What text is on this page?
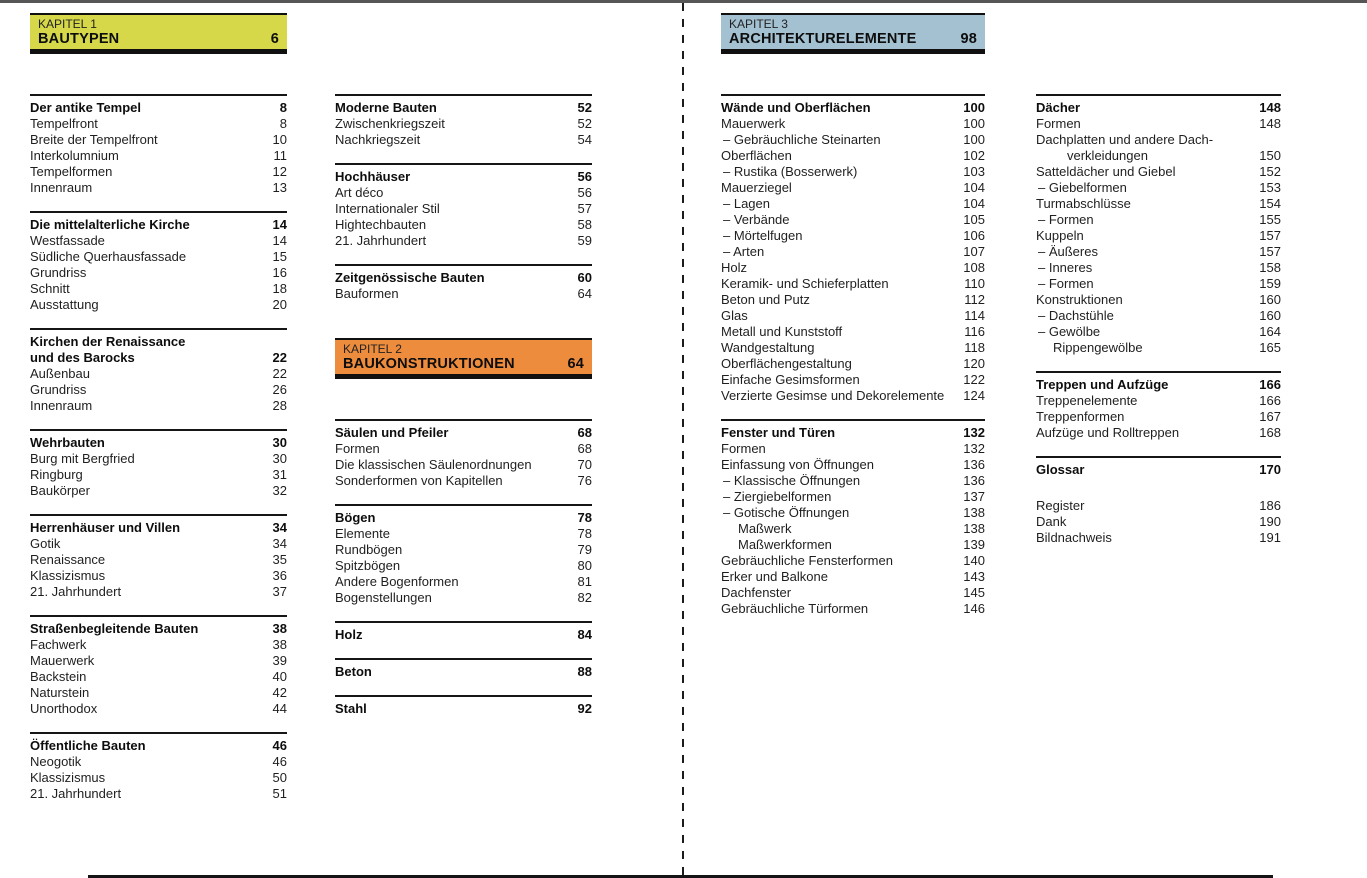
KAPITEL 1
BAUTYPEN	6
Der antike Tempel	8
Tempelfront	8
Breite der Tempelfront	10
Interkolumnium	11
Tempelformen	12
Innenraum	13
Die mittelalterliche Kirche	14
Westfassade	14
Südliche Querhausfassade	15
Grundriss	16
Schnitt	18
Ausstattung	20
Kirchen der Renaissance
und des Barocks	22
Außenbau	22
Grundriss	26
Innenraum	28
Wehrbauten	30
Burg mit Bergfried	30
Ringburg	31
Baukörper	32
Herrenhäuser und Villen	34
Gotik	34
Renaissance	35
Klassizismus	36
21. Jahrhundert	37
Straßenbegleitende Bauten	38
Fachwerk	38
Mauerwerk	39
Backstein	40
Naturstein	42
Unorthodox	44
Öffentliche Bauten	46
Neogotik	46
Klassizismus	50
21. Jahrhundert	51
Moderne Bauten	52
Zwischenkriegszeit	52
Nachkriegszeit	54
Hochhäuser	56
Art déco	56
Internationaler Stil	57
Hightechbauten	58
21. Jahrhundert	59
Zeitgenössische Bauten	60
Bauformen	64
KAPITEL 2
BAUKONSTRUKTIONEN	64
Säulen und Pfeiler	68
Formen	68
Die klassischen Säulenordnungen	70
Sonderformen von Kapitellen	76
Bögen	78
Elemente	78
Rundbögen	79
Spitzbögen	80
Andere Bogenformen	81
Bogenstellungen	82
Holz	84
Beton	88
Stahl	92
KAPITEL 3
ARCHITEKTURELEMENTE	98
Wände und Oberflächen	100
Mauerwerk	100
– Gebräuchliche Steinarten	100
Oberflächen	102
– Rustika (Bosserwerk)	103
Mauerziegel	104
– Lagen	104
– Verbände	105
– Mörtelfugen	106
– Arten	107
Holz	108
Keramik- und Schieferplatten	110
Beton und Putz	112
Glas	114
Metall und Kunststoff	116
Wandgestaltung	118
Oberflächengestaltung	120
Einfache Gesimsformen	122
Verzierte Gesimse und Dekorelemente	124
Fenster und Türen	132
Formen	132
Einfassung von Öffnungen	136
– Klassische Öffnungen	136
– Ziergiebelformen	137
– Gotische Öffnungen	138
Maßwerk	138
Maßwerkformen	139
Gebräuchliche Fensterformen	140
Erker und Balkone	143
Dachfenster	145
Gebräuchliche Türformen	146
Dächer	148
Formen	148
Dachplatten und andere Dach-
verkleidungen	150
Satteldächer und Giebel	152
– Giebelformen	153
Turmabschlüsse	154
– Formen	155
Kuppeln	157
– Äußeres	157
– Inneres	158
– Formen	159
Konstruktionen	160
– Dachstühle	160
– Gewölbe	164
Rippengewölbe	165
Treppen und Aufzüge	166
Treppenelemente	166
Treppenformen	167
Aufzüge und Rolltreppen	168
Glossar	170
Register	186
Dank	190
Bildnachweis	191
